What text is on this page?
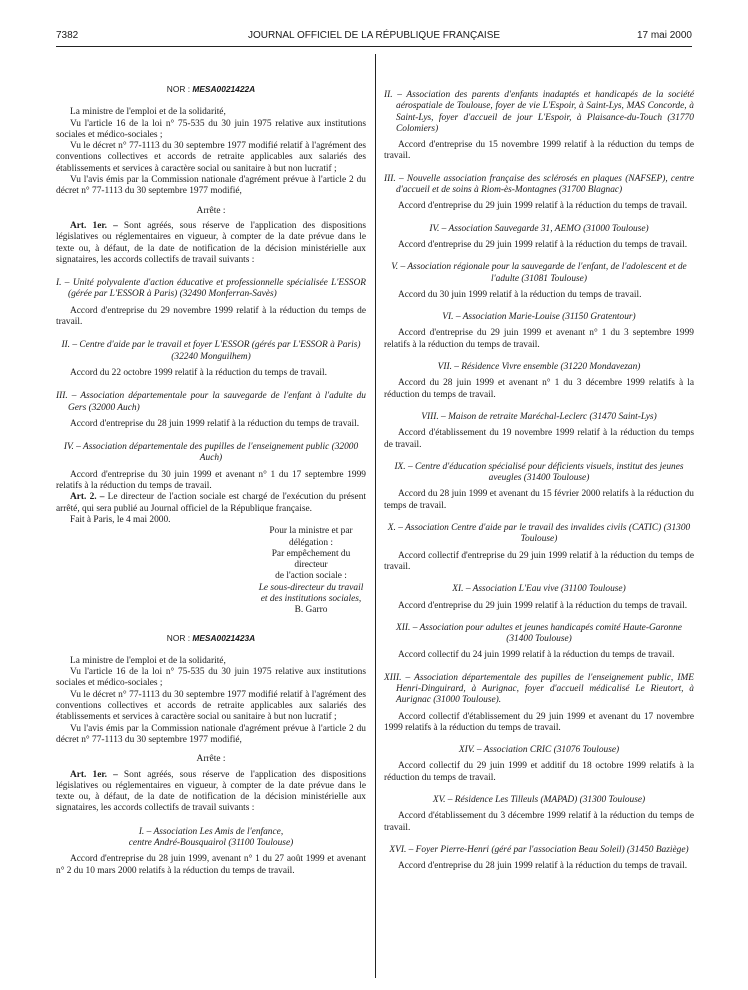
7382	JOURNAL OFFICIEL DE LA RÉPUBLIQUE FRANÇAISE	17 mai 2000

NOR : MESA0021422A

La ministre de l'emploi et de la solidarité,

Vu l'article 16 de la loi n° 75-535 du 30 juin 1975 relative aux institutions sociales et médico-sociales ;

Vu le décret n° 77-1113 du 30 septembre 1977 modifié relatif à l'agrément des conventions collectives et accords de retraite applicables aux salariés des établissements et services à caractère social ou sanitaire à but non lucratif ;

Vu l'avis émis par la Commission nationale d'agrément prévue à l'article 2 du décret n° 77-1113 du 30 septembre 1977 modifié,

Arrête :

Art. 1er. – Sont agréés, sous réserve de l'application des dispositions législatives ou réglementaires en vigueur, à compter de la date prévue dans le texte ou, à défaut, de la date de notification de la décision ministérielle aux signataires, les accords collectifs de travail suivants :

I. – Unité polyvalente d'action éducative et professionnelle spécialisée L'ESSOR (gérée par L'ESSOR à Paris) (32490 Monferran-Savès)

Accord d'entreprise du 29 novembre 1999 relatif à la réduction du temps de travail.

II. – Centre d'aide par le travail et foyer L'ESSOR (gérés par L'ESSOR à Paris) (32240 Monguilhem)

Accord du 22 octobre 1999 relatif à la réduction du temps de travail.

III. – Association départementale pour la sauvegarde de l'enfant à l'adulte du Gers (32000 Auch)

Accord d'entreprise du 28 juin 1999 relatif à la réduction du temps de travail.

IV. – Association départementale des pupilles de l'enseignement public (32000 Auch)

Accord d'entreprise du 30 juin 1999 et avenant n° 1 du 17 septembre 1999 relatifs à la réduction du temps de travail.

Art. 2. – Le directeur de l'action sociale est chargé de l'exécution du présent arrêté, qui sera publié au Journal officiel de la République française.

Fait à Paris, le 4 mai 2000.

Pour la ministre et par délégation :

Par empêchement du directeur

de l'action sociale :

Le sous-directeur du travail

et des institutions sociales,

B. Garro

NOR : MESA0021423A

La ministre de l'emploi et de la solidarité,

Vu l'article 16 de la loi n° 75-535 du 30 juin 1975 relative aux institutions sociales et médico-sociales ;

Vu le décret n° 77-1113 du 30 septembre 1977 modifié relatif à l'agrément des conventions collectives et accords de retraite applicables aux salariés des établissements et services à caractère social ou sanitaire à but non lucratif ;

Vu l'avis émis par la Commission nationale d'agrément prévue à l'article 2 du décret n° 77-1113 du 30 septembre 1977 modifié,

Arrête :

Art. 1er. – Sont agréés, sous réserve de l'application des dispositions législatives ou réglementaires en vigueur, à compter de la date prévue dans le texte ou, à défaut, de la date de notification de la décision ministérielle aux signataires, les accords collectifs de travail suivants :

I. – Association Les Amis de l'enfance,
centre André-Bousquairol (31100 Toulouse)

Accord d'entreprise du 28 juin 1999, avenant n° 1 du 27 août 1999 et avenant n° 2 du 10 mars 2000 relatifs à la réduction du temps de travail.

II. – Association des parents d'enfants inadaptés et handicapés de la société aérospatiale de Toulouse, foyer de vie L'Espoir, à Saint-Lys, MAS Concorde, à Saint-Lys, foyer d'accueil de jour L'Espoir, à Plaisance-du-Touch (31770 Colomiers)

Accord d'entreprise du 15 novembre 1999 relatif à la réduction du temps de travail.

III. – Nouvelle association française des sclérosés en plaques (NAFSEP), centre d'accueil et de soins à Riom-ès-Montagnes (31700 Blagnac)

Accord d'entreprise du 29 juin 1999 relatif à la réduction du temps de travail.

IV. – Association Sauvegarde 31, AEMO (31000 Toulouse)

Accord d'entreprise du 29 juin 1999 relatif à la réduction du temps de travail.

V. – Association régionale pour la sauvegarde de l'enfant, de l'adolescent et de l'adulte (31081 Toulouse)

Accord du 30 juin 1999 relatif à la réduction du temps de travail.

VI. – Association Marie-Louise (31150 Gratentour)

Accord d'entreprise du 29 juin 1999 et avenant n° 1 du 3 septembre 1999 relatifs à la réduction du temps de travail.

VII. – Résidence Vivre ensemble (31220 Mondavezan)

Accord du 28 juin 1999 et avenant n° 1 du 3 décembre 1999 relatifs à la réduction du temps de travail.

VIII. – Maison de retraite Maréchal-Leclerc (31470 Saint-Lys)

Accord d'établissement du 19 novembre 1999 relatif à la réduction du temps de travail.

IX. – Centre d'éducation spécialisé pour déficients visuels, institut des jeunes aveugles (31400 Toulouse)

Accord du 28 juin 1999 et avenant du 15 février 2000 relatifs à la réduction du temps de travail.

X. – Association Centre d'aide par le travail des invalides civils (CATIC) (31300 Toulouse)

Accord collectif d'entreprise du 29 juin 1999 relatif à la réduction du temps de travail.

XI. – Association L'Eau vive (31100 Toulouse)

Accord d'entreprise du 29 juin 1999 relatif à la réduction du temps de travail.

XII. – Association pour adultes et jeunes handicapés comité Haute-Garonne (31400 Toulouse)

Accord collectif du 24 juin 1999 relatif à la réduction du temps de travail.

XIII. – Association départementale des pupilles de l'enseignement public, IME Henri-Dinguirard, à Aurignac, foyer d'accueil médicalisé Le Rieutort, à Aurignac (31000 Toulouse).

Accord collectif d'établissement du 29 juin 1999 et avenant du 17 novembre 1999 relatifs à la réduction du temps de travail.

XIV. – Association CRIC (31076 Toulouse)

Accord collectif du 29 juin 1999 et additif du 18 octobre 1999 relatifs à la réduction du temps de travail.

XV. – Résidence Les Tilleuls (MAPAD) (31300 Toulouse)

Accord d'établissement du 3 décembre 1999 relatif à la réduction du temps de travail.

XVI. – Foyer Pierre-Henri (géré par l'association Beau Soleil) (31450 Baziège)

Accord d'entreprise du 28 juin 1999 relatif à la réduction du temps de travail.
